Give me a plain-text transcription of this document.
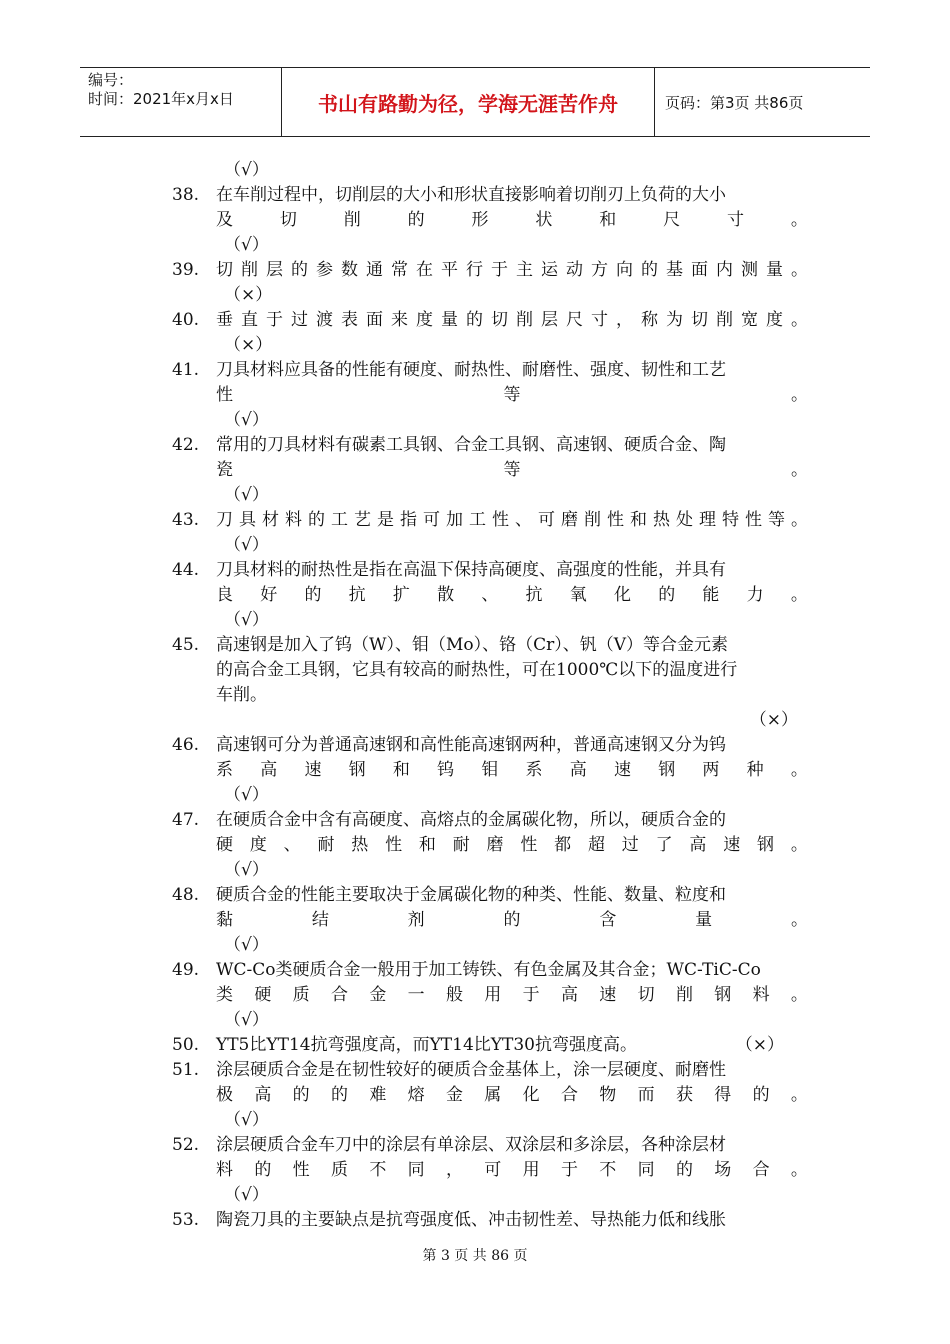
编号：
时间：2021年x月x日	书山有路勤为径，学海无涯苦作舟	页码：第3页 共86页
（√）
38. 在车削过程中，切削层的大小和形状直接影响着切削刃上负荷的大小
及	切	削	的	形	状	和	尺	寸	。
（√）
39. 切 削 层 的 参 数 通 常 在 平 行 于 主 运 动 方 向 的 基 面 内 测 量 。
（×）
40. 垂 直 于 过 渡 表 面 来 度 量 的 切 削 层 尺 寸 ， 称 为 切 削 宽 度 。
（×）
41. 刀具材料应具备的性能有硬度、耐热性、耐磨性、强度、韧性和工艺
性	等	。
（√）
42. 常用的刀具材料有碳素工具钢、合金工具钢、高速钢、硬质合金、陶
瓷	等	。
（√）
43. 刀 具 材 料 的 工 艺 是 指 可 加 工 性 、 可 磨 削 性 和 热 处 理 特 性 等 。
（√）
44. 刀具材料的耐热性是指在高温下保持高硬度、高强度的性能，并具有
良 好 的 抗 扩 散 、 抗 氧 化 的 能 力 。
（√）
45. 高速钢是加入了钨（W）、钼（Mo）、铬（Cr）、钒（V）等合金元素
的高合金工具钢，它具有较高的耐热性，可在1000℃以下的温度进行
车削。
（×）
46. 高速钢可分为普通高速钢和高性能高速钢两种，普通高速钢又分为钨
系 高 速 钢 和 钨 钼 系 高 速 钢 两 种 。
（√）
47. 在硬质合金中含有高硬度、高熔点的金属碳化物，所以，硬质合金的
硬 度 、 耐 热 性 和 耐 磨 性 都 超 过 了 高 速 钢 。
（√）
48. 硬质合金的性能主要取决于金属碳化物的种类、性能、数量、粒度和
黏	结	剂	的	含	量	。
（√）
49. WC-Co类硬质合金一般用于加工铸铁、有色金属及其合金；WC-TiC-Co
类 硬 质 合 金 一 般 用 于 高 速 切 削 钢 料 。
（√）
50. YT5比YT14抗弯强度高，而YT14比YT30抗弯强度高。	（×）
51. 涂层硬质合金是在韧性较好的硬质合金基体上，涂一层硬度、耐磨性
极 高 的 的 难 熔 金 属 化 合 物 而 获 得 的 。
（√）
52. 涂层硬质合金车刀中的涂层有单涂层、双涂层和多涂层，各种涂层材
料 的 性 质 不 同 ， 可 用 于 不 同 的 场 合 。
（√）
53. 陶瓷刀具的主要缺点是抗弯强度低、冲击韧性差、导热能力低和线胀
第 3 页 共 86 页
